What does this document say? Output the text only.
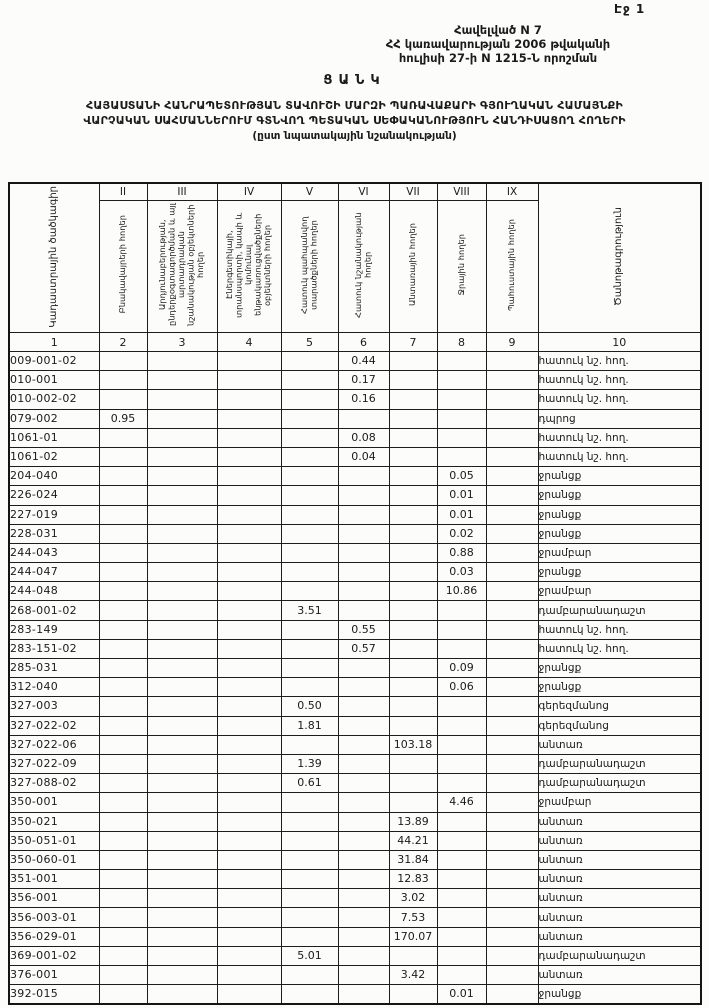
Էջ 1
Հավելված N 7
ՀՀ կառավարության 2006 թվականի
հուլիսի 27-ի N 1215-Ն որոշման
ՑԱՆԿ
ՀԱՅԱՍՏԱՆԻ ՀԱՆՐԱՊԵՏՈՒԹՅԱՆ ՏԱՎՈՒՇԻ ՄԱՐԶԻ ՊԱՌԱՎԱՔԱՐԻ ԳՅՈՒՂԱԿԱՆ ՀԱՄԱՅՆՔԻ
ՎԱՐՉԱԿԱՆ ՍԱՀՄԱՆՆԵՐՈՒՄ ԳՏՆՎՈՂ ՊԵՏԱԿԱՆ ՍԵՓԱԿԱՆՈՒԹՅՈՒՆ ՀԱՆԴԻՍԱՑՈՂ ՀՈՂԵՐԻ
(ըստ նպատակային նշանակության)
Կադաստրային ծածկագիր	II	III	IV	V	VI	VII	VIII	IX	Ծանոթագրություն
	Բնակավայրերի հողեր	Արդյունաբերության, ընդերքօգտագործման և այլ արտադրական նշանակության օբյեկտների հողեր	Էներգետիկայի, տրանսպորտի, կապի և կոմունալ ենթակառուցվածքների օբյեկտների հողեր	Հատուկ պահպանվող տարածքների հողեր	Հատուկ նշանակության հողեր	Անտառային հողեր	Ջրային հողեր	Պահուստային հողեր	
1	2	3	4	5	6	7	8	9	10
009-001-02					0.44				հատուկ նշ. հող.
010-001					0.17				հատուկ նշ. հող.
010-002-02					0.16				հատուկ նշ. հող.
079-002	0.95								դպրոց
1061-01					0.08				հատուկ նշ. հող.
1061-02					0.04				հատուկ նշ. հող.
204-040							0.05		ջրանցք
226-024							0.01		ջրանցք
227-019							0.01		ջրանցք
228-031							0.02		ջրանցք
244-043							0.88		ջրամբար
244-047							0.03		ջրանցք
244-048							10.86		ջրամբար
268-001-02				3.51					դամբարանադաշտ
283-149					0.55				հատուկ նշ. հող.
283-151-02					0.57				հատուկ նշ. հող.
285-031							0.09		ջրանցք
312-040							0.06		ջրանցք
327-003				0.50					գերեզմանոց
327-022-02				1.81					գերեզմանոց
327-022-06						103.18			անտառ
327-022-09				1.39					դամբարանադաշտ
327-088-02				0.61					դամբարանադաշտ
350-001							4.46		ջրամբար
350-021						13.89			անտառ
350-051-01						44.21			անտառ
350-060-01						31.84			անտառ
351-001						12.83			անտառ
356-001						3.02			անտառ
356-003-01						7.53			անտառ
356-029-01						170.07			անտառ
369-001-02				5.01					դամբարանադաշտ
376-001						3.42			անտառ
392-015							0.01		ջրանցք
